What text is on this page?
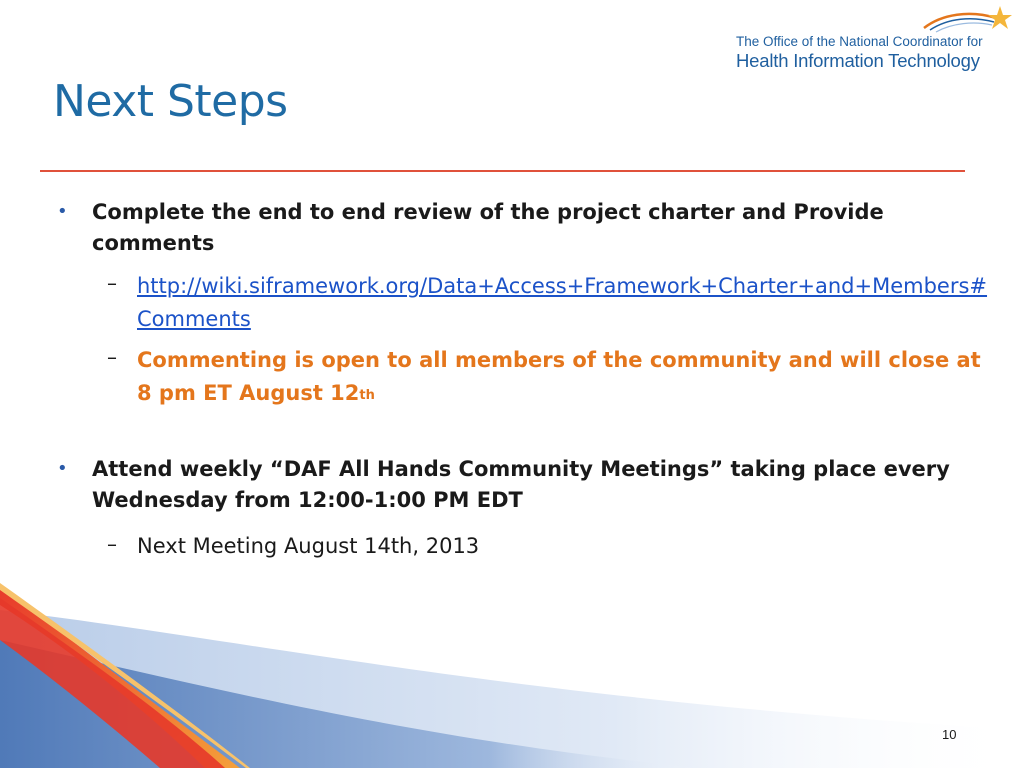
The Office of the National Coordinator for
Health Information Technology
Next Steps
• Complete the end to end review of the project charter and Provide comments
– http://wiki.siframework.org/Data+Access+Framework+Charter+and+Members#Comments
– Commenting is open to all members of the community and will close at 8 pm ET August 12th
• Attend weekly “DAF All Hands Community Meetings” taking place every Wednesday from 12:00-1:00 PM EDT
– Next Meeting August 14th, 2013
10
